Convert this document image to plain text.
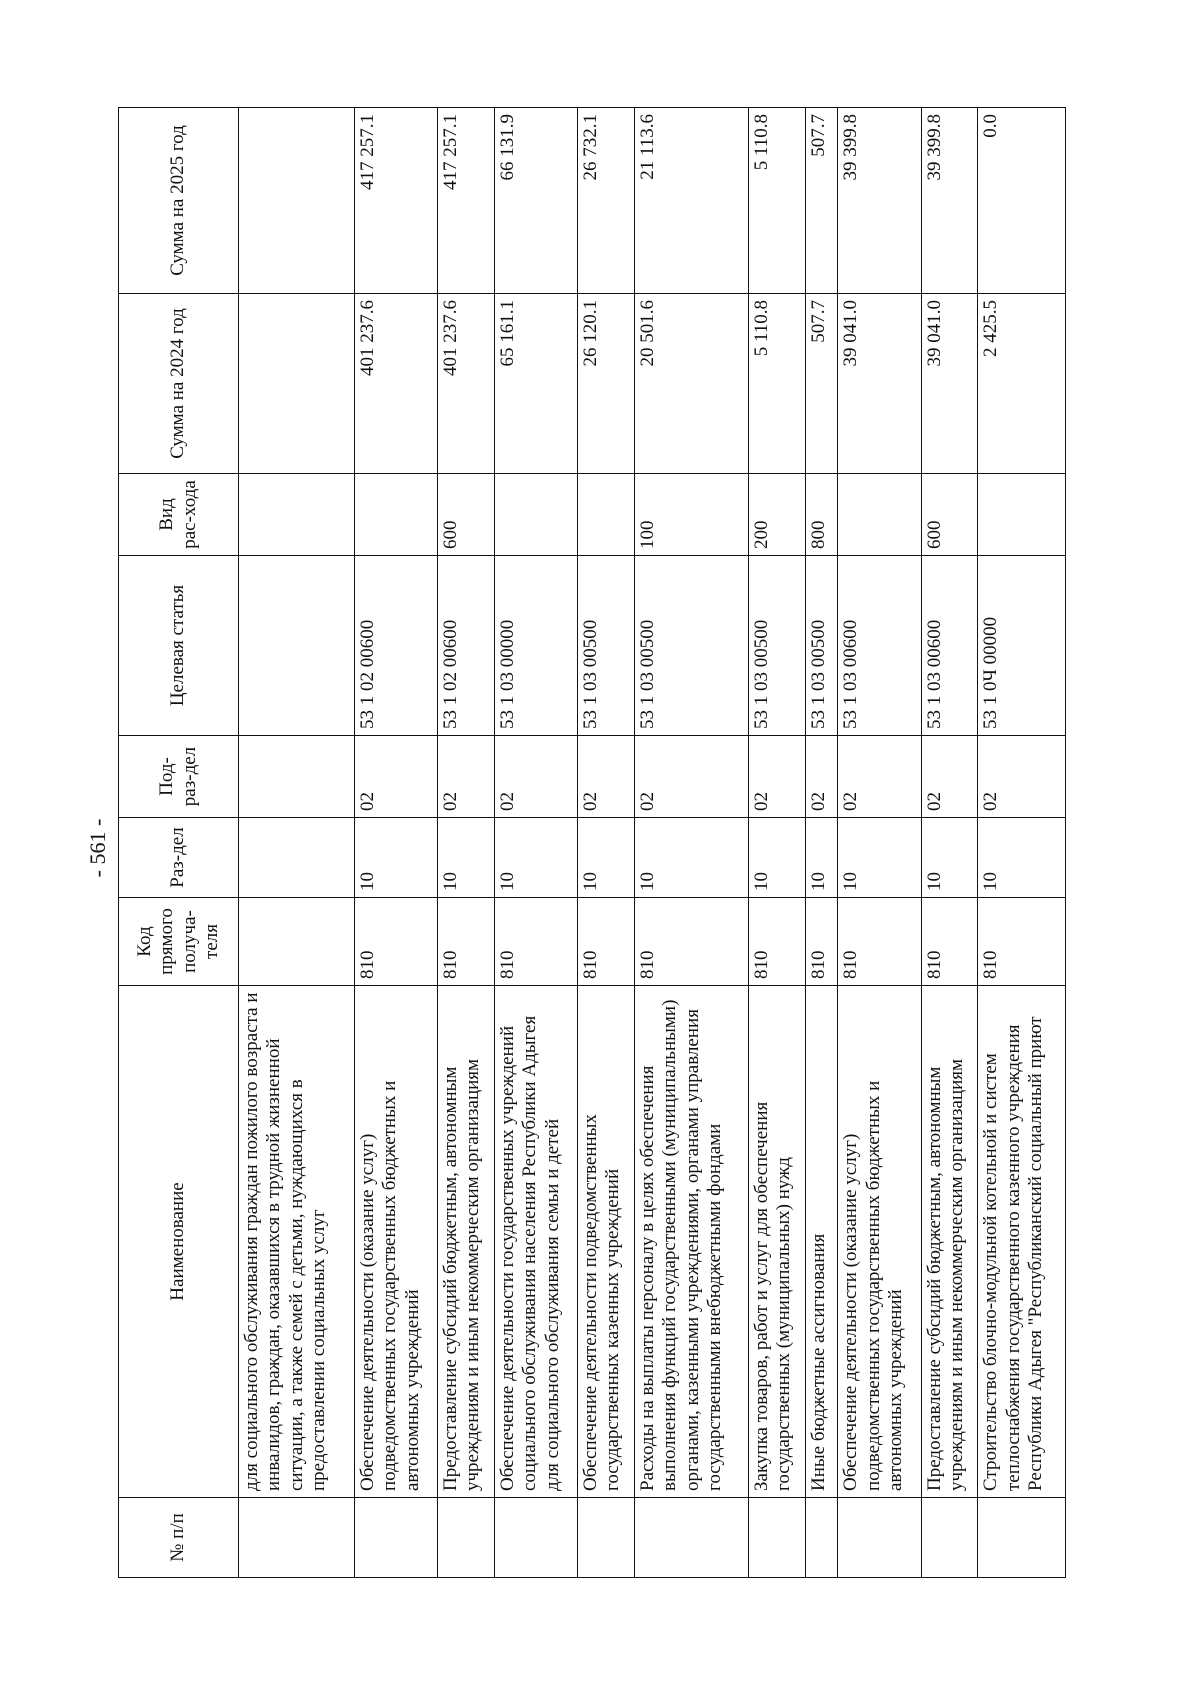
- 561 -
№ п/п	Наименование	Код прямого получа-теля	Раз-дел	Под-раз-дел	Целевая статья	Вид рас-хода	Сумма на 2024 год	Сумма на 2025 год
	для социального обслуживания граждан пожилого возраста и инвалидов, граждан, оказавшихся в трудной жизненной ситуации, а также семей с детьми, нуждающихся в предоставлении социальных услуг							
	Обеспечение деятельности (оказание услуг) подведомственных государственных бюджетных и автономных учреждений	810	10	02	53 1 02 00600		401 237.6	417 257.1
	Предоставление субсидий бюджетным, автономным учреждениям и иным некоммерческим организациям	810	10	02	53 1 02 00600	600	401 237.6	417 257.1
	Обеспечение деятельности государственных учреждений социального обслуживания населения Республики Адыгея для социального обслуживания семьи и детей	810	10	02	53 1 03 00000		65 161.1	66 131.9
	Обеспечение деятельности подведомственных государственных казенных учреждений	810	10	02	53 1 03 00500		26 120.1	26 732.1
	Расходы на выплаты персоналу в целях обеспечения выполнения функций государственными (муниципальными) органами, казенными учреждениями, органами управления государственными внебюджетными фондами	810	10	02	53 1 03 00500	100	20 501.6	21 113.6
	Закупка товаров, работ и услуг для обеспечения государственных (муниципальных) нужд	810	10	02	53 1 03 00500	200	5 110.8	5 110.8
	Иные бюджетные ассигнования	810	10	02	53 1 03 00500	800	507.7	507.7
	Обеспечение деятельности (оказание услуг) подведомственных государственных бюджетных и автономных учреждений	810	10	02	53 1 03 00600		39 041.0	39 399.8
	Предоставление субсидий бюджетным, автономным учреждениям и иным некоммерческим организациям	810	10	02	53 1 03 00600	600	39 041.0	39 399.8
	Строительство блочно-модульной котельной и систем теплоснабжения государственного казенного учреждения Республики Адыгея "Республиканский социальный приют	810	10	02	53 1 0Ч 00000		2 425.5	0.0
